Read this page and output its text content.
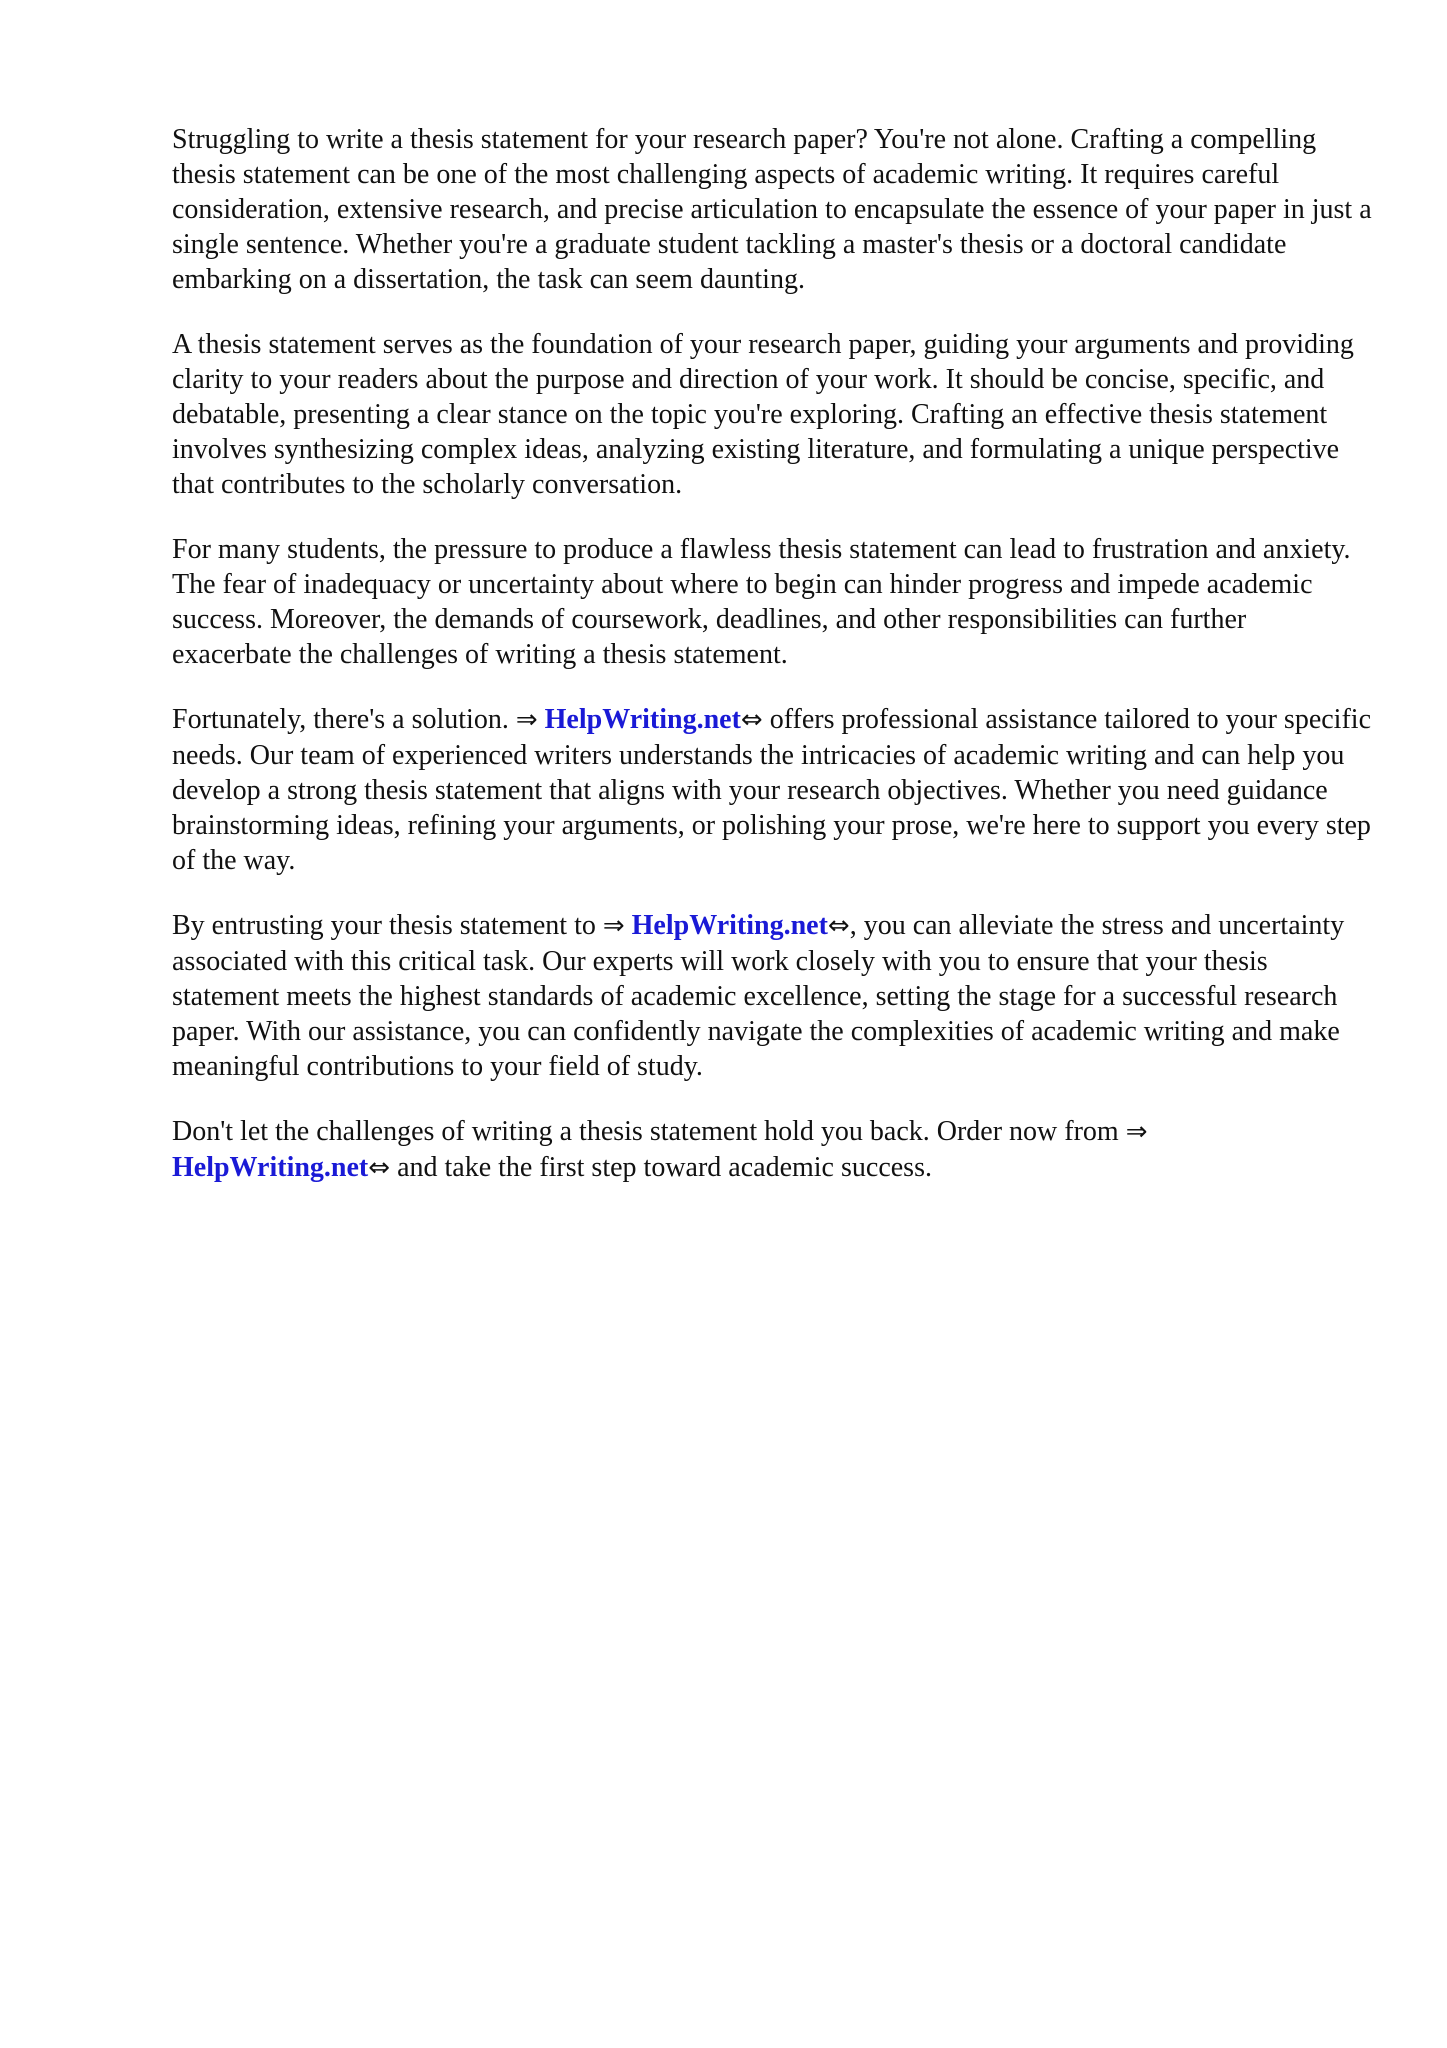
Struggling to write a thesis statement for your research paper? You're not alone. Crafting a compelling thesis statement can be one of the most challenging aspects of academic writing. It requires careful consideration, extensive research, and precise articulation to encapsulate the essence of your paper in just a single sentence. Whether you're a graduate student tackling a master's thesis or a doctoral candidate embarking on a dissertation, the task can seem daunting.

A thesis statement serves as the foundation of your research paper, guiding your arguments and providing clarity to your readers about the purpose and direction of your work. It should be concise, specific, and debatable, presenting a clear stance on the topic you're exploring. Crafting an effective thesis statement involves synthesizing complex ideas, analyzing existing literature, and formulating a unique perspective that contributes to the scholarly conversation.

For many students, the pressure to produce a flawless thesis statement can lead to frustration and anxiety. The fear of inadequacy or uncertainty about where to begin can hinder progress and impede academic success. Moreover, the demands of coursework, deadlines, and other responsibilities can further exacerbate the challenges of writing a thesis statement.

Fortunately, there's a solution. ⇒ HelpWriting.net⇔ offers professional assistance tailored to your specific needs. Our team of experienced writers understands the intricacies of academic writing and can help you develop a strong thesis statement that aligns with your research objectives. Whether you need guidance brainstorming ideas, refining your arguments, or polishing your prose, we're here to support you every step of the way.

By entrusting your thesis statement to ⇒ HelpWriting.net⇔, you can alleviate the stress and uncertainty associated with this critical task. Our experts will work closely with you to ensure that your thesis statement meets the highest standards of academic excellence, setting the stage for a successful research paper. With our assistance, you can confidently navigate the complexities of academic writing and make meaningful contributions to your field of study.

Don't let the challenges of writing a thesis statement hold you back. Order now from ⇒ HelpWriting.net⇔ and take the first step toward academic success.
